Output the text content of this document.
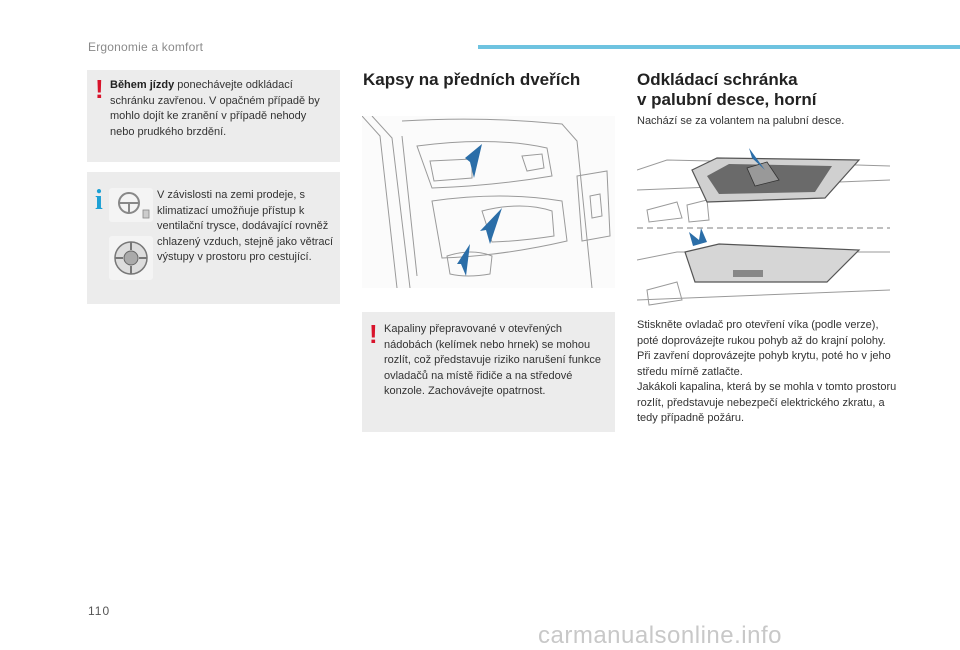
Ergonomie a komfort
! Během jízdy ponechávejte odkládací schránku zavřenou. V opačném případě by mohlo dojít ke zranění v případě nehody nebo prudkého brzdění.
i	V závislosti na zemi prodeje, s klimatizací umožňuje přístup k ventilační trysce, dodávající rovněž chlazený vzduch, stejně jako větrací výstupy v prostoru pro cestující.
Kapsy na předních dveřích
! Kapaliny přepravované v otevřených nádobách (kelímek nebo hrnek) se mohou rozlít, což představuje riziko narušení funkce ovladačů na místě řidiče a na středové konzole. Zachovávejte opatrnost.
Odkládací schránka
v palubní desce, horní
Nachází se za volantem na palubní desce.
Stiskněte ovladač pro otevření víka (podle verze), poté doprovázejte rukou pohyb až do krajní polohy.
Při zavření doprovázejte pohyb krytu, poté ho v jeho středu mírně zatlačte.
Jakákoli kapalina, která by se mohla v tomto prostoru rozlít, představuje nebezpečí elektrického zkratu, a tedy případně požáru.
110
carmanualsonline.info
